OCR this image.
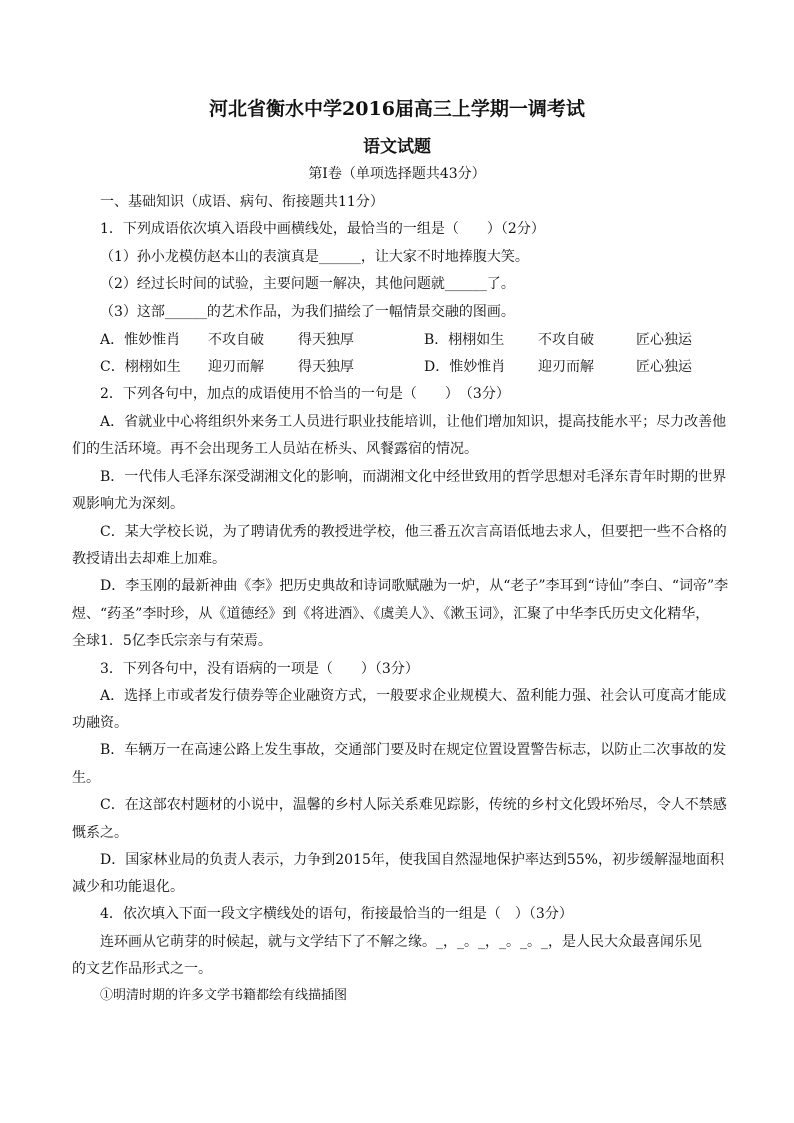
河北省衡水中学2016届高三上学期一调考试
语文试题
第Ⅰ卷（单项选择题共43分）
一、基础知识（成语、病句、衔接题共11分）
1．下列成语依次填入语段中画横线处，最恰当的一组是（　　）（2分）
（1）孙小龙模仿赵本山的表演真是______，让大家不时地捧腹大笑。
（2）经过长时间的试验，主要问题一解决，其他问题就______了。
（3）这部______的艺术作品，为我们描绘了一幅情景交融的图画。
A．惟妙惟肖 不攻自破 得天独厚	B．栩栩如生 不攻自破	匠心独运
C．栩栩如生 迎刃而解 得天独厚	D．惟妙惟肖 迎刃而解	匠心独运
2．下列各句中，加点的成语使用不恰当的一句是（　　）　（3分）
A．省就业中心将组织外来务工人员进行职业技能培训，让他们增加知识，提高技能水平；尽力改善他
们的生活环境。再不会出现务工人员站在桥头、风餐露宿的情况。
B．一代伟人毛泽东深受湖湘文化的影响，而湖湘文化中经世致用的哲学思想对毛泽东青年时期的世界
观影响尤为深刻。
C．某大学校长说，为了聘请优秀的教授进学校，他三番五次言高语低地去求人，但要把一些不合格的
教授请出去却难上加难。
D．李玉刚的最新神曲《李》把历史典故和诗词歌赋融为一炉，从“老子”李耳到“诗仙”李白、“词帝”李
煜、“药圣”李时珍，从《道德经》到《将进酒》、《虞美人》、《漱玉词》，汇聚了中华李氏历史文化精华，
全球1．5亿李氏宗亲与有荣焉。
3．下列各句中，没有语病的一项是（　　）（3分）
A．选择上市或者发行债券等企业融资方式，一般要求企业规模大、盈利能力强、社会认可度高才能成
功融资。
B．车辆万一在高速公路上发生事故，交通部门要及时在规定位置设置警告标志，以防止二次事故的发
生。
C．在这部农村题材的小说中，温馨的乡村人际关系难见踪影，传统的乡村文化毁坏殆尽，令人不禁感
慨系之。
D．国家林业局的负责人表示，力争到2015年，使我国自然湿地保护率达到55%，初步缓解湿地面积
减少和功能退化。
4．依次填入下面一段文字横线处的语句，衔接最恰当的一组是（　）（3分）
连环画从它萌芽的时候起，就与文学结下了不解之缘。_，_。_，_。_。_，是人民大众最喜闻乐见
的文艺作品形式之一。
①明清时期的许多文学书籍都绘有线描插图
